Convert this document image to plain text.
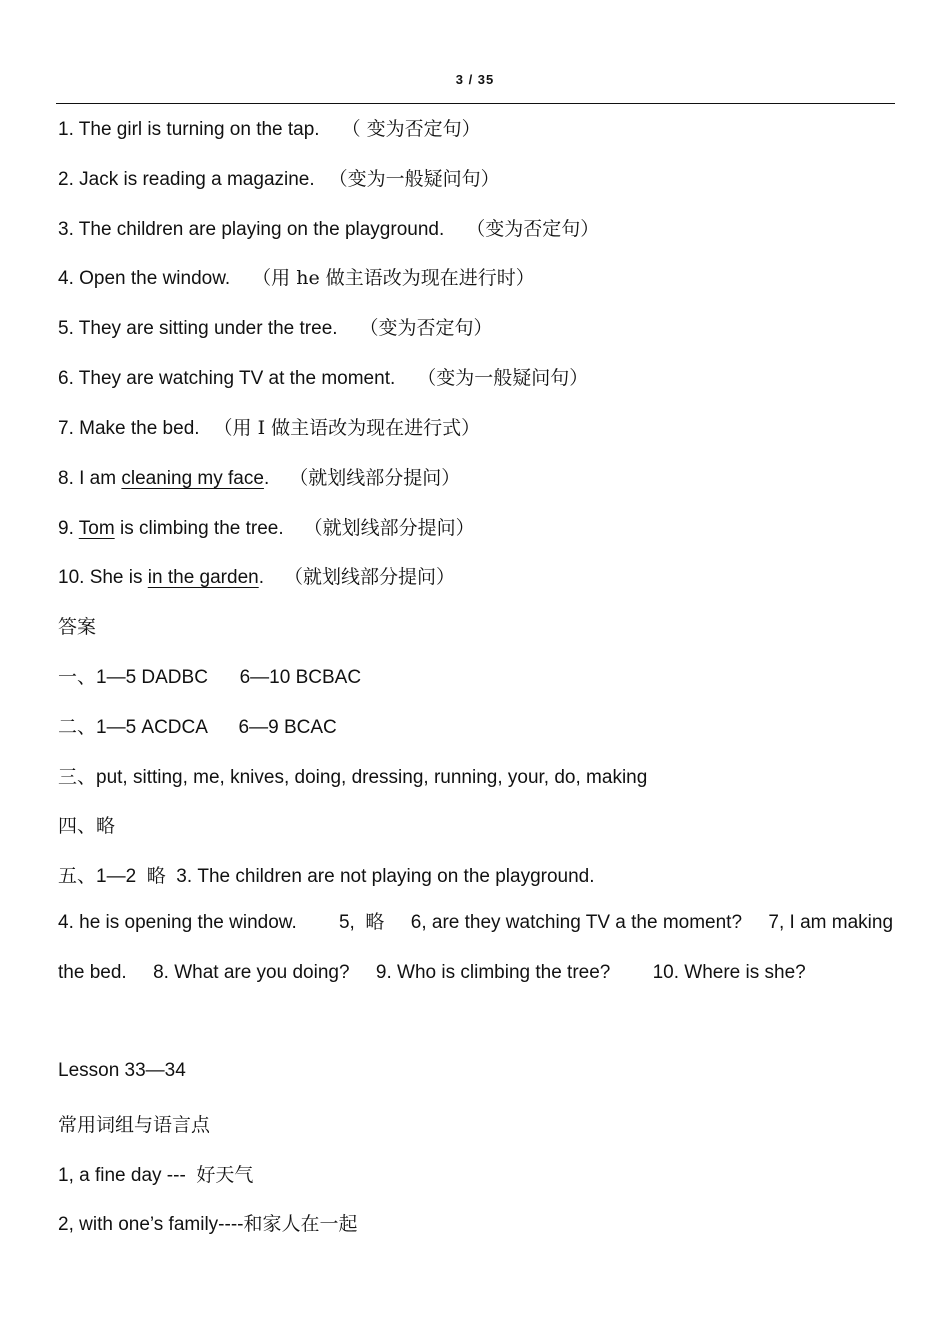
3 / 35
1. The girl is turning on the tap. （ 变为否定句）
2. Jack is reading a magazine. （变为一般疑问句）
3. The children are playing on the playground. （变为否定句）
4. Open the window. （用 he 做主语改为现在进行时）
5. They are sitting under the tree. （变为否定句）
6. They are watching TV at the moment. （变为一般疑问句）
7. Make the bed. （用 I 做主语改为现在进行式）
8. I am cleaning my face. （就划线部分提问）
9. Tom is climbing the tree. （就划线部分提问）
10. She is in the garden. （就划线部分提问）
答案
一、1—5 DADBC      6—10 BCBAC
二、1—5 ACDCA      6—9 BCAC
三、put, sitting, me, knives, doing, dressing, running, your, do, making
四、略
五、1—2  略  3. The children are not playing on the playground.
4. he is opening the window.        5,  略     6, are they watching TV a the moment?     7, I am making the bed.     8. What are you doing?     9. Who is climbing the tree?        10. Where is she?
Lesson 33—34
常用词组与语言点
1, a fine day ---  好天气
2, with one’s family----和家人在一起
